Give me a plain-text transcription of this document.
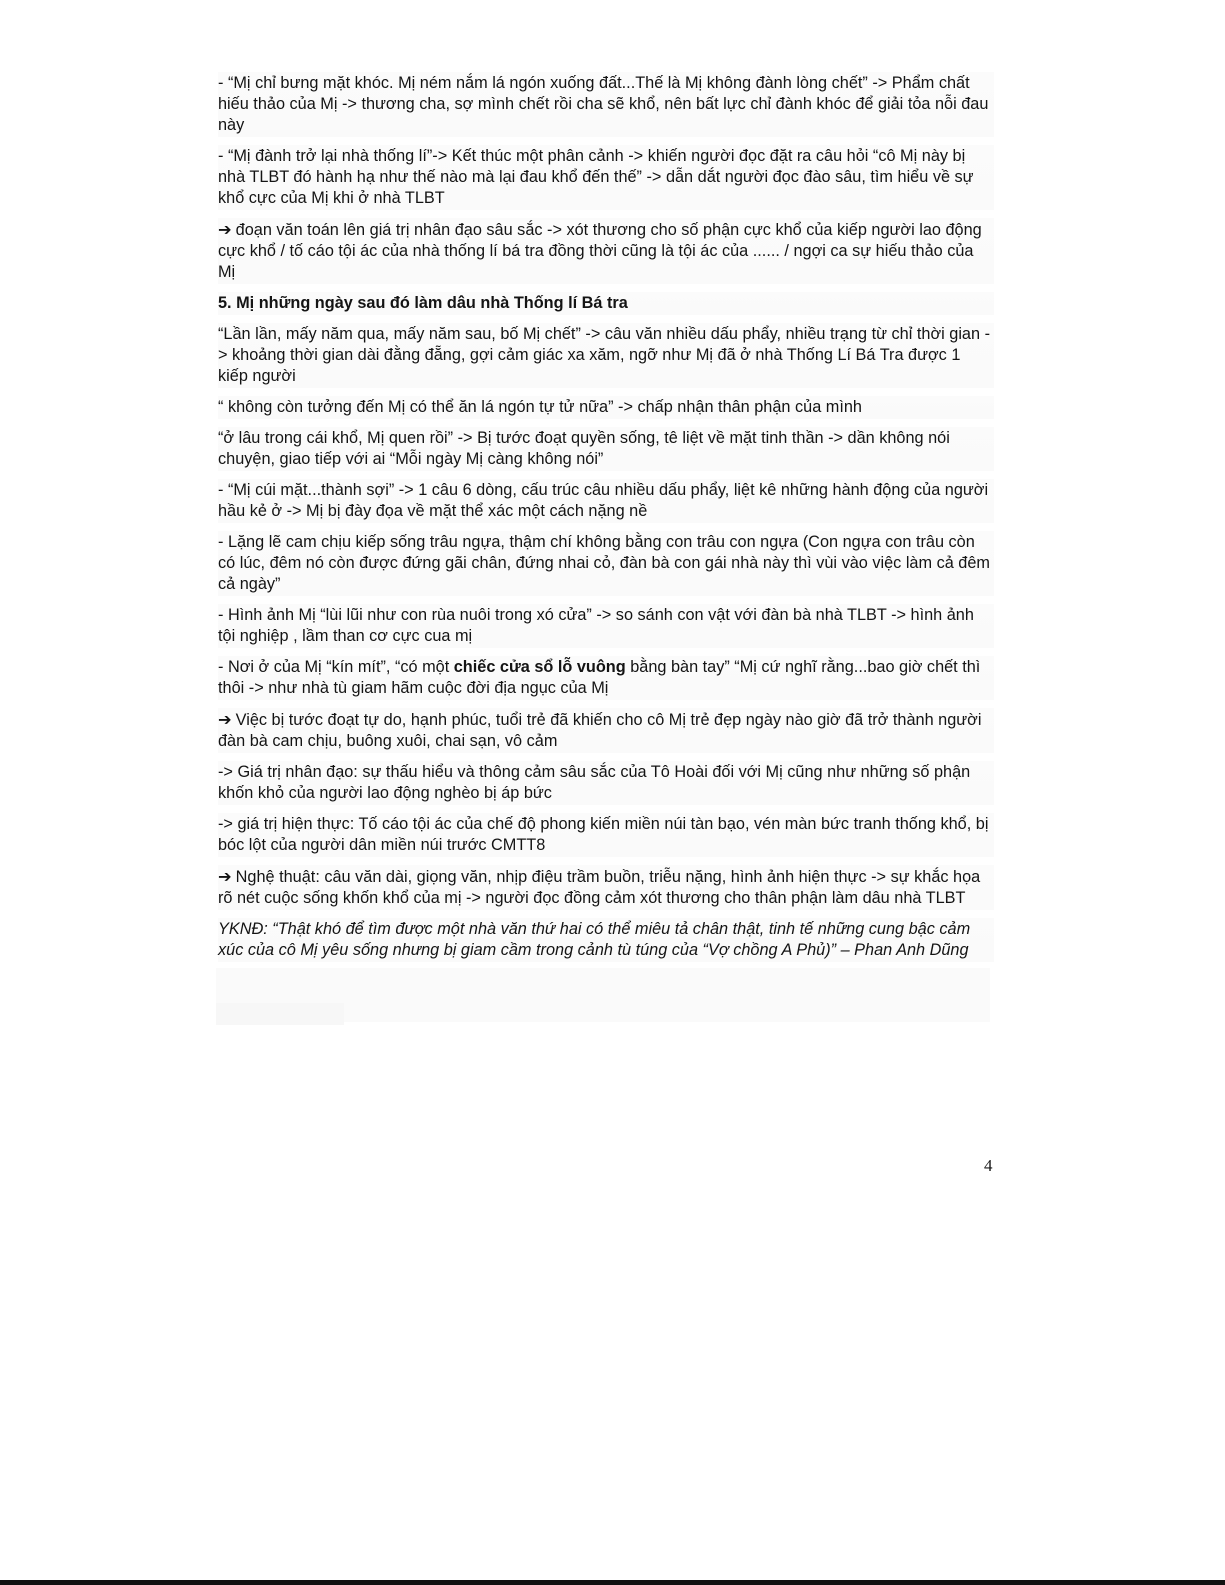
- “Mị chỉ bưng mặt khóc. Mị ném nắm lá ngón xuống đất...Thế là Mị không đành lòng chết” -> Phẩm chất hiếu thảo của Mị -> thương cha, sợ mình chết rồi cha sẽ khổ, nên bất lực chỉ đành khóc để giải tỏa nỗi đau này

- “Mị đành trở lại nhà thống lí”-> Kết thúc một phân cảnh -> khiến người đọc đặt ra câu hỏi “cô Mị này bị nhà TLBT đó hành hạ như thế nào mà lại đau khổ đến thế” -> dẫn dắt người đọc đào sâu, tìm hiểu về sự khổ cực của Mị khi ở nhà TLBT

➔ đoạn văn toán lên giá trị nhân đạo sâu sắc -> xót thương cho số phận cực khổ của kiếp người lao động cực khổ / tố cáo tội ác của nhà thống lí bá tra đồng thời cũng là tội ác của ...... / ngợi ca sự hiếu thảo của Mị

5. Mị những ngày sau đó làm dâu nhà Thống lí Bá tra

“Lần lần, mấy năm qua, mấy năm sau, bố Mị chết” -> câu văn nhiều dấu phẩy, nhiều trạng từ chỉ thời gian -> khoảng thời gian dài đằng đẵng, gợi cảm giác xa xăm, ngỡ như Mị đã ở nhà Thống Lí Bá Tra được 1 kiếp người

“ không còn tưởng đến Mị có thể ăn lá ngón tự tử nữa” -> chấp nhận thân phận của mình

“ở lâu trong cái khổ, Mị quen rồi” -> Bị tước đoạt quyền sống, tê liệt về mặt tinh thần -> dần không nói chuyện, giao tiếp với ai “Mỗi ngày Mị càng không nói”

- “Mị cúi mặt...thành sợi” -> 1 câu 6 dòng, cấu trúc câu nhiều dấu phẩy, liệt kê những hành động của người hầu kẻ ở -> Mị bị đày đọa về mặt thể xác một cách nặng nề

- Lặng lẽ cam chịu kiếp sống trâu ngựa, thậm chí không bằng con trâu con ngựa (Con ngựa con trâu còn có lúc, đêm nó còn được đứng gãi chân, đứng nhai cỏ, đàn bà con gái nhà này thì vùi vào việc làm cả đêm cả ngày”

- Hình ảnh Mị “lùi lũi như con rùa nuôi trong xó cửa” -> so sánh con vật với đàn bà nhà TLBT -> hình ảnh tội nghiệp , lầm than cơ cực cua mị

- Nơi ở của Mị “kín mít”, “có một chiếc cửa sổ lỗ vuông bằng bàn tay” “Mị cứ nghĩ rằng...bao giờ chết thì thôi -> như nhà tù giam hãm cuộc đời địa ngục của Mị

➔ Việc bị tước đoạt tự do, hạnh phúc, tuổi trẻ đã khiến cho cô Mị trẻ đẹp ngày nào giờ đã trở thành người đàn bà cam chịu, buông xuôi, chai sạn, vô cảm

-> Giá trị nhân đạo: sự thấu hiểu và thông cảm sâu sắc của Tô Hoài đối với Mị cũng như những số phận khốn khỏ của người lao động nghèo bị áp bức

-> giá trị hiện thực: Tố cáo tội ác của chế độ phong kiến miền núi tàn bạo, vén màn bức tranh thống khổ, bị bóc lột của người dân miền núi trước CMTT8

➔ Nghệ thuật: câu văn dài, giọng văn, nhịp điệu trầm buồn, triễu nặng, hình ảnh hiện thực -> sự khắc họa rõ nét cuộc sống khốn khổ của mị -> người đọc đồng cảm xót thương cho thân phận làm dâu nhà TLBT

YKNĐ: “Thật khó để tìm được một nhà văn thứ hai có thể miêu tả chân thật, tinh tế những cung bậc cảm xúc của cô Mị yêu sống nhưng bị giam cầm trong cảnh tù túng của “Vợ chồng A Phủ)” – Phan Anh Dũng

4
